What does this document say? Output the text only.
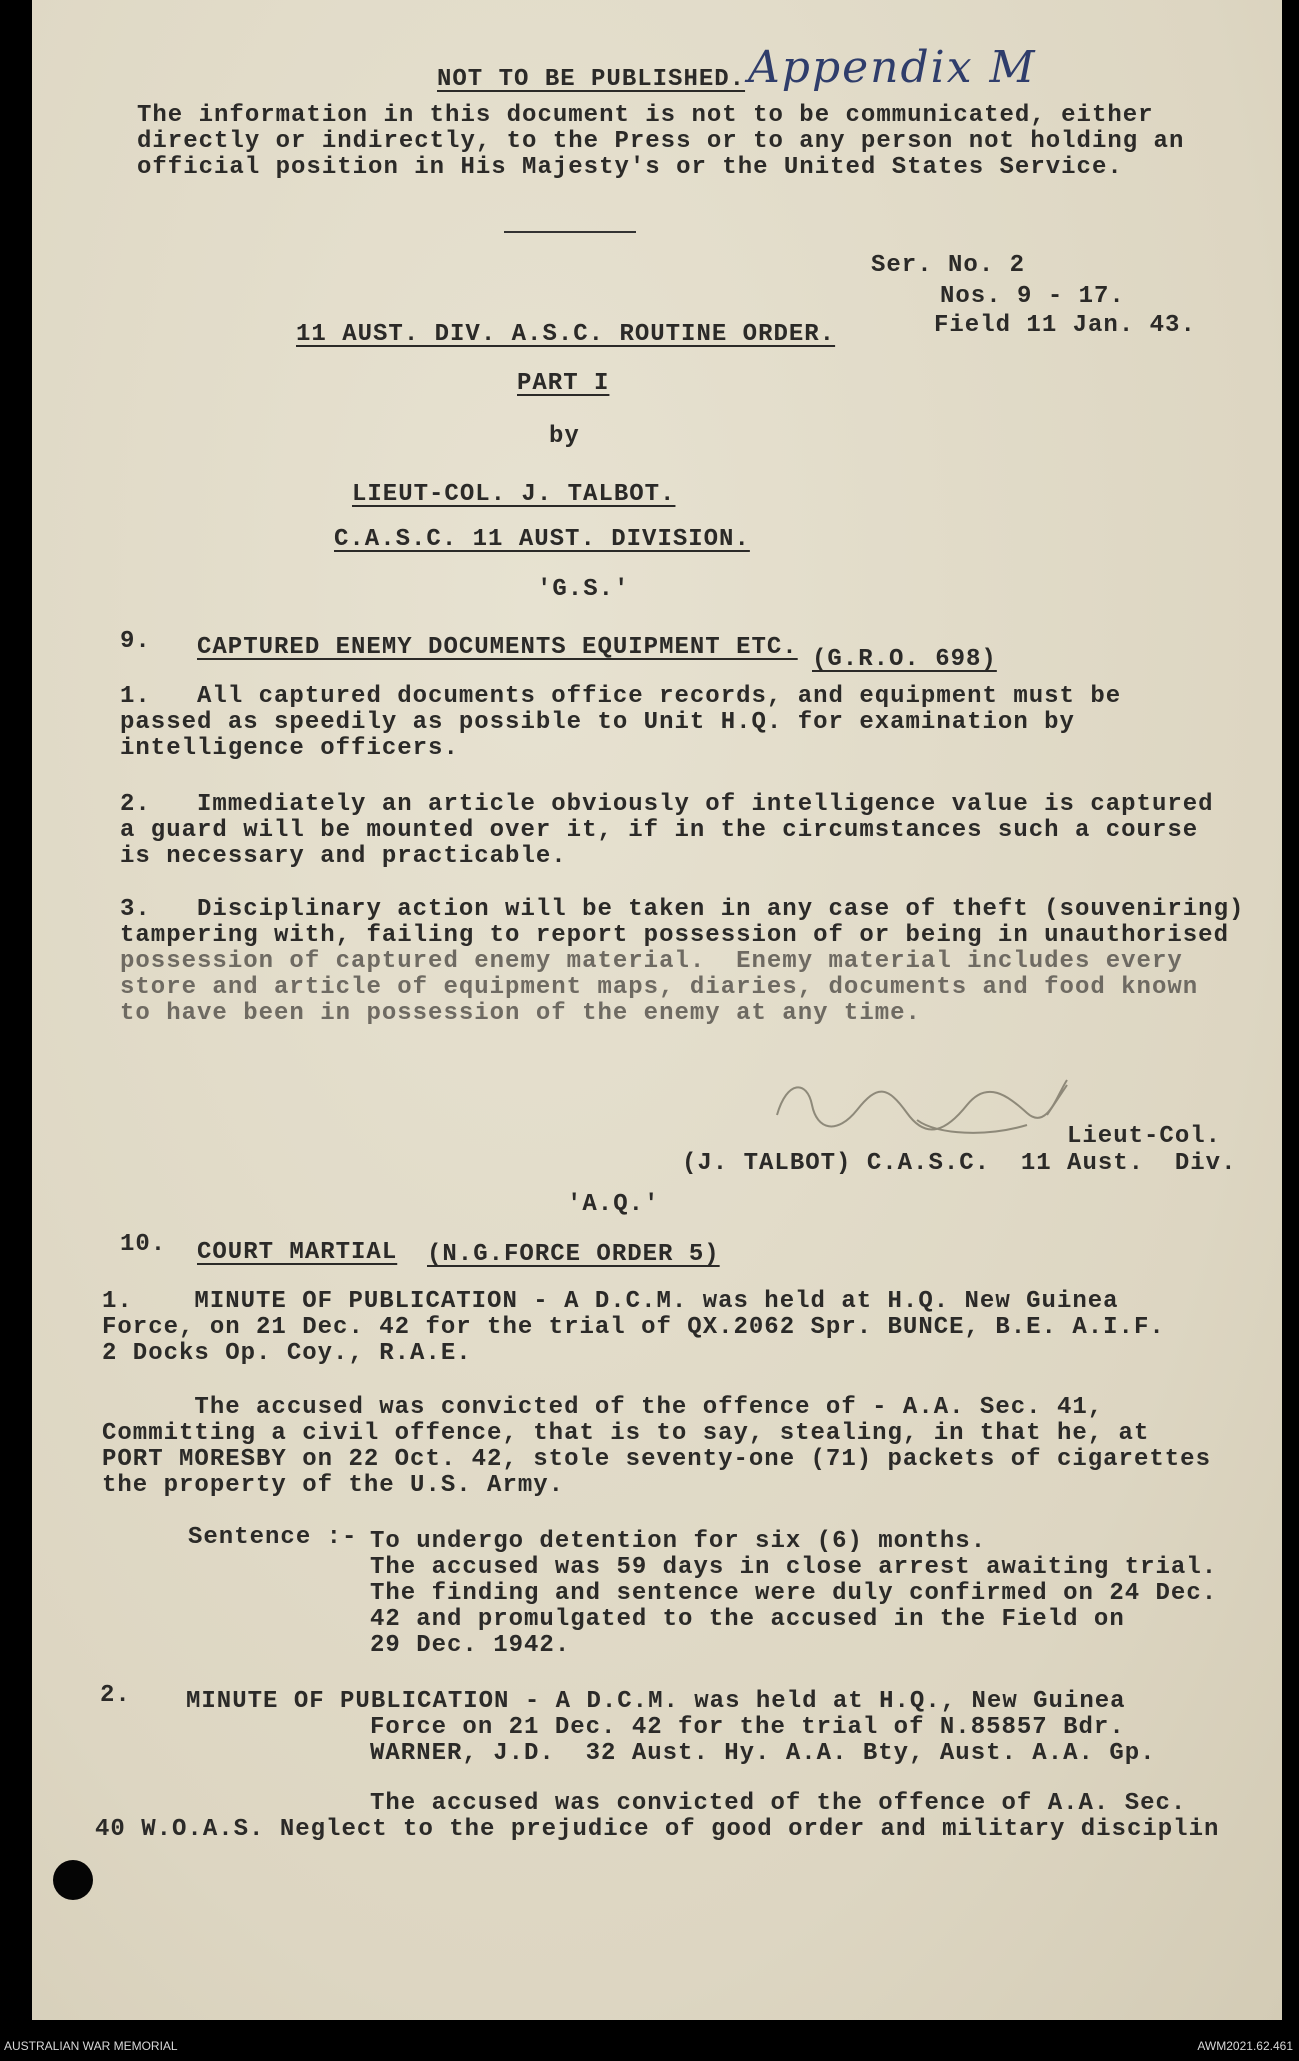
NOT TO BE PUBLISHED. Appendix M
The information in this document is not to be communicated, either
directly or indirectly, to the Press or to any person not holding an
official position in His Majesty's or the United States Service.
Ser. No. 2
Nos. 9 - 17.
Field 11 Jan. 43.
11 AUST. DIV. A.S.C. ROUTINE ORDER.
PART I
by
LIEUT-COL. J. TALBOT.
C.A.S.C. 11 AUST. DIVISION.
'G.S.'
9. CAPTURED ENEMY DOCUMENTS EQUIPMENT ETC. (G.R.O. 698)
1.   All captured documents office records, and equipment must be
passed as speedily as possible to Unit H.Q. for examination by
intelligence officers.
2.   Immediately an article obviously of intelligence value is captured
a guard will be mounted over it, if in the circumstances such a course
is necessary and practicable.
3.   Disciplinary action will be taken in any case of theft (souveniring)
tampering with, failing to report possession of or being in unauthorised
possession of captured enemy material.  Enemy material includes every
store and article of equipment maps, diaries, documents and food known
to have been in possession of the enemy at any time.
Lieut-Col.
(J. TALBOT) C.A.S.C.  11 Aust.  Div.
'A.Q.'
10. COURT MARTIAL (N.G.FORCE ORDER 5)
1.    MINUTE OF PUBLICATION - A D.C.M. was held at H.Q. New Guinea
Force, on 21 Dec. 42 for the trial of QX.2062 Spr. BUNCE, B.E. A.I.F.
2 Docks Op. Coy., R.A.E.
The accused was convicted of the offence of - A.A. Sec. 41,
Committing a civil offence, that is to say, stealing, in that he, at
PORT MORESBY on 22 Oct. 42, stole seventy-one (71) packets of cigarettes
the property of the U.S. Army.
Sentence :- To undergo detention for six (6) months.
The accused was 59 days in close arrest awaiting trial.
The finding and sentence were duly confirmed on 24 Dec.
42 and promulgated to the accused in the Field on
29 Dec. 1942.
2. MINUTE OF PUBLICATION - A D.C.M. was held at H.Q., New Guinea
Force on 21 Dec. 42 for the trial of N.85857 Bdr.
WARNER, J.D.  32 Aust. Hy. A.A. Bty, Aust. A.A. Gp.
The accused was convicted of the offence of A.A. Sec.
40 W.O.A.S. Neglect to the prejudice of good order and military disciplin
AUSTRALIAN WAR MEMORIAL	AWM2021.62.461
